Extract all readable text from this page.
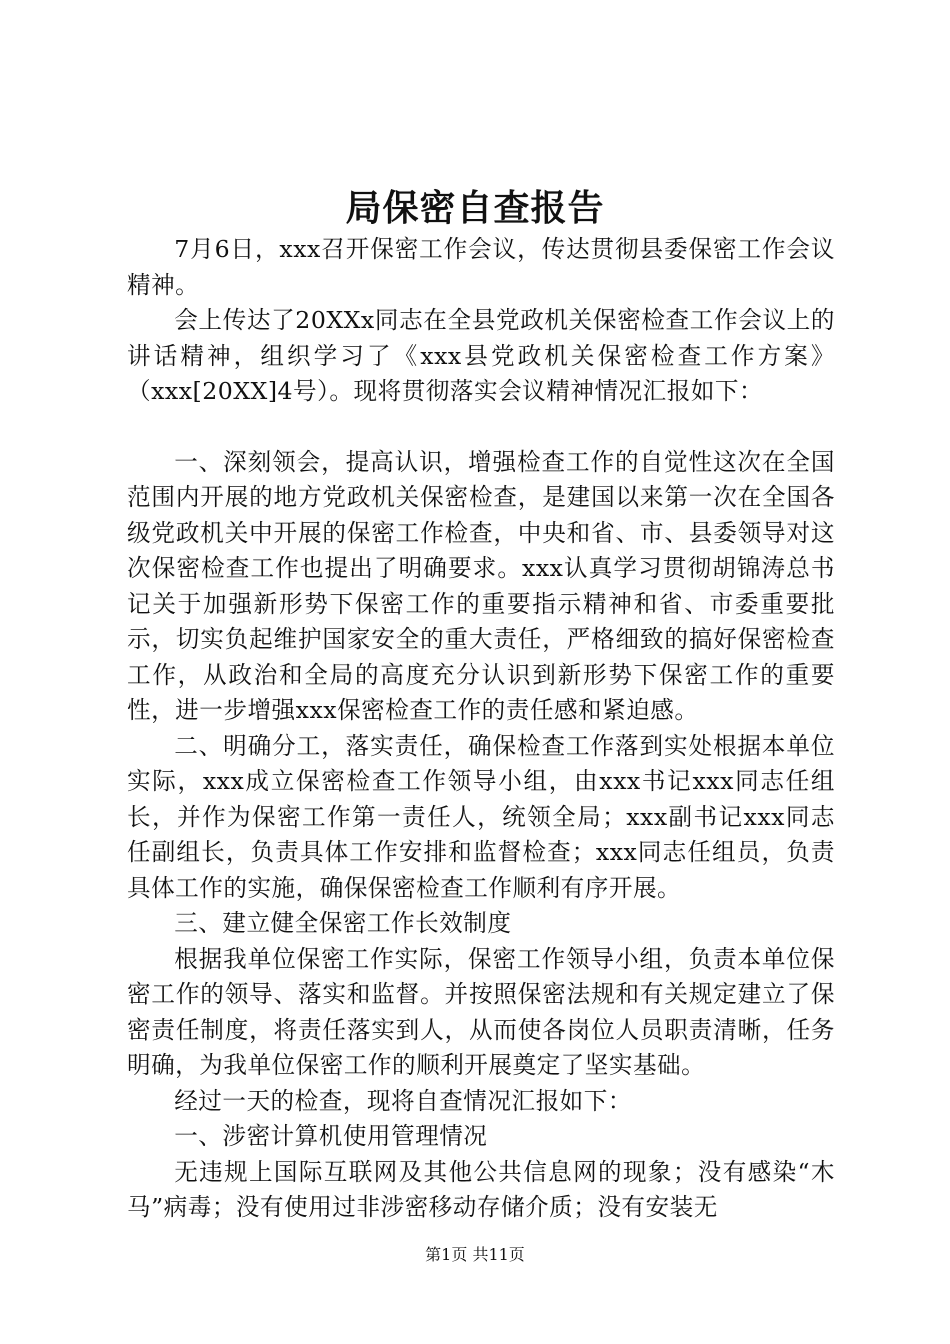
局保密自查报告

7月6日，xxx召开保密工作会议，传达贯彻县委保密工作会议精神。

会上传达了20XXx同志在全县党政机关保密检查工作会议上的讲话精神，组织学习了《xxx县党政机关保密检查工作方案》（xxx[20XX]4号）。现将贯彻落实会议精神情况汇报如下：

一、深刻领会，提高认识，增强检查工作的自觉性这次在全国范围内开展的地方党政机关保密检查，是建国以来第一次在全国各级党政机关中开展的保密工作检查，中央和省、市、县委领导对这次保密检查工作也提出了明确要求。xxx认真学习贯彻胡锦涛总书记关于加强新形势下保密工作的重要指示精神和省、市委重要批示，切实负起维护国家安全的重大责任，严格细致的搞好保密检查工作，从政治和全局的高度充分认识到新形势下保密工作的重要性，进一步增强xxx保密检查工作的责任感和紧迫感。

二、明确分工，落实责任，确保检查工作落到实处根据本单位实际，xxx成立保密检查工作领导小组，由xxx书记xxx同志任组长，并作为保密工作第一责任人，统领全局；xxx副书记xxx同志任副组长，负责具体工作安排和监督检查；xxx同志任组员，负责具体工作的实施，确保保密检查工作顺利有序开展。

三、建立健全保密工作长效制度

根据我单位保密工作实际，保密工作领导小组，负责本单位保密工作的领导、落实和监督。并按照保密法规和有关规定建立了保密责任制度，将责任落实到人，从而使各岗位人员职责清晰，任务明确，为我单位保密工作的顺利开展奠定了坚实基础。

经过一天的检查，现将自查情况汇报如下：

一、涉密计算机使用管理情况

无违规上国际互联网及其他公共信息网的现象；没有感染“木马”病毒；没有使用过非涉密移动存储介质；没有安装无

第1页 共11页
